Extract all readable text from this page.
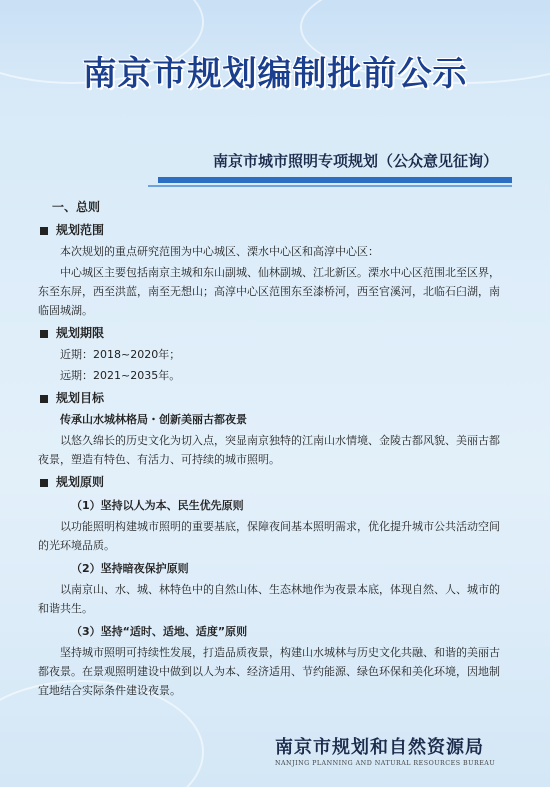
南京市规划编制批前公示
南京市城市照明专项规划（公众意见征询）
一、总则
规划范围
本次规划的重点研究范围为中心城区、溧水中心区和高淳中心区：
中心城区主要包括南京主城和东山副城、仙林副城、江北新区。溧水中心区范围北至区界，东至东屏，西至洪蓝，南至无想山；高淳中心区范围东至漆桥河，西至官溪河，北临石臼湖，南临固城湖。
规划期限
近期：2018~2020年；
远期：2021~2035年。
规划目标
传承山水城林格局・创新美丽古都夜景
以悠久绵长的历史文化为切入点，突显南京独特的江南山水情境、金陵古都风貌、美丽古都夜景，塑造有特色、有活力、可持续的城市照明。
规划原则
（1）坚持以人为本、民生优先原则
以功能照明构建城市照明的重要基底，保障夜间基本照明需求，优化提升城市公共活动空间的光环境品质。
（2）坚持暗夜保护原则
以南京山、水、城、林特色中的自然山体、生态林地作为夜景本底，体现自然、人、城市的和谐共生。
（3）坚持“适时、适地、适度”原则
坚持城市照明可持续性发展，打造品质夜景，构建山水城林与历史文化共融、和谐的美丽古都夜景。在景观照明建设中做到以人为本、经济适用、节约能源、绿色环保和美化环境，因地制宜地结合实际条件建设夜景。
南京市规划和自然资源局
NANJING PLANNING AND NATURAL RESOURCES BUREAU
